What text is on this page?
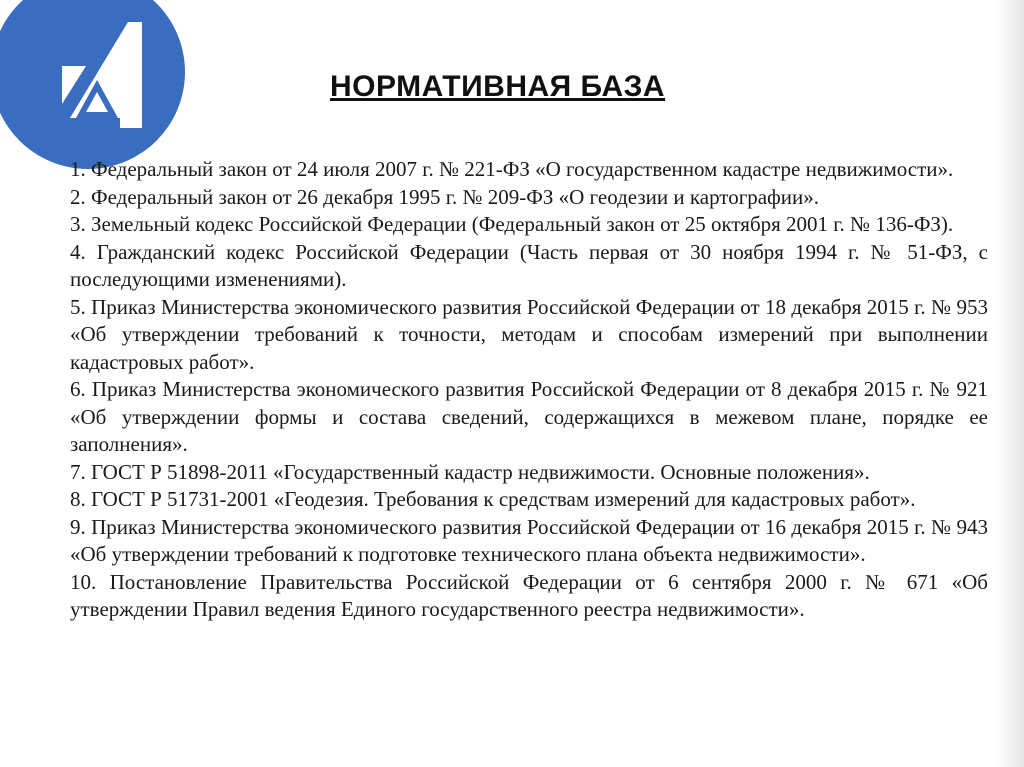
НОРМАТИВНАЯ БАЗА
1. Федеральный закон от 24 июля 2007 г. № 221-ФЗ «О государственном кадастре недвижимости».
2. Федеральный закон от 26 декабря 1995 г. № 209-ФЗ «О геодезии и картографии».
3. Земельный кодекс Российской Федерации (Федеральный закон от 25 октября 2001 г. № 136-ФЗ).
4. Гражданский кодекс Российской Федерации (Часть первая от 30 ноября 1994 г. № 51-ФЗ, с последующими изменениями).
5. Приказ Министерства экономического развития Российской Федерации от 18 декабря 2015 г. № 953 «Об утверждении требований к точности, методам и способам измерений при выполнении кадастровых работ».
6. Приказ Министерства экономического развития Российской Федерации от 8 декабря 2015 г. № 921 «Об утверждении формы и состава сведений, содержащихся в межевом плане, порядке ее заполнения».
7. ГОСТ Р 51898-2011 «Государственный кадастр недвижимости. Основные положения».
8. ГОСТ Р 51731-2001 «Геодезия. Требования к средствам измерений для кадастровых работ».
9. Приказ Министерства экономического развития Российской Федерации от 16 декабря 2015 г. № 943 «Об утверждении требований к подготовке технического плана объекта недвижимости».
10. Постановление Правительства Российской Федерации от 6 сентября 2000 г. № 671 «Об утверждении Правил ведения Единого государственного реестра недвижимости».
